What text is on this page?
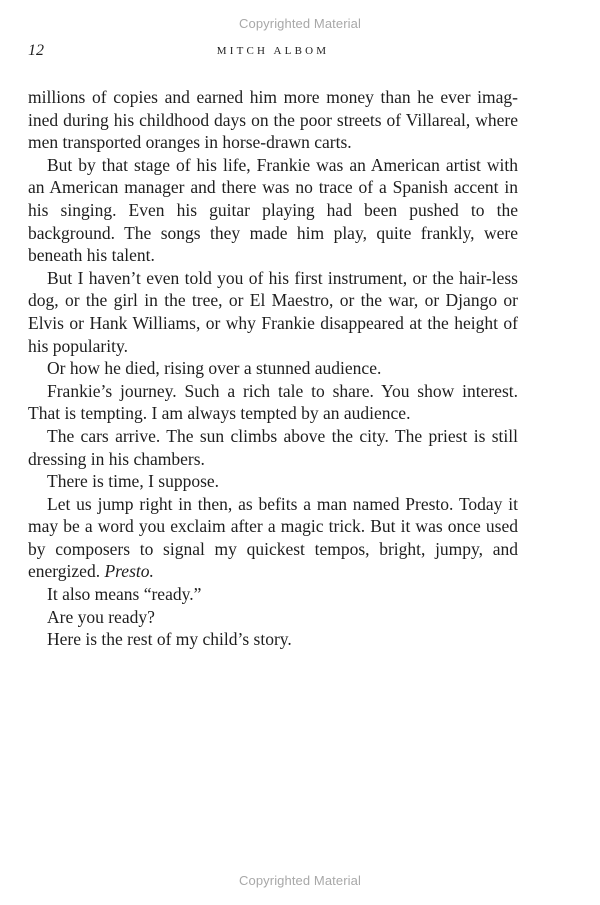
Copyrighted Material
12	MITCH ALBOM

millions of copies and earned him more money than he ever imag-ined during his childhood days on the poor streets of Villareal, where men transported oranges in horse-drawn carts.

But by that stage of his life, Frankie was an American artist with an American manager and there was no trace of a Spanish accent in his singing. Even his guitar playing had been pushed to the background. The songs they made him play, quite frankly, were beneath his talent.

But I haven’t even told you of his first instrument, or the hair-less dog, or the girl in the tree, or El Maestro, or the war, or Django or Elvis or Hank Williams, or why Frankie disappeared at the height of his popularity.

Or how he died, rising over a stunned audience.

Frankie’s journey. Such a rich tale to share. You show interest. That is tempting. I am always tempted by an audience.

The cars arrive. The sun climbs above the city. The priest is still dressing in his chambers.

There is time, I suppose.

Let us jump right in then, as befits a man named Presto. Today it may be a word you exclaim after a magic trick. But it was once used by composers to signal my quickest tempos, bright, jumpy, and energized. Presto.

It also means “ready.”

Are you ready?

Here is the rest of my child’s story.

Copyrighted Material
